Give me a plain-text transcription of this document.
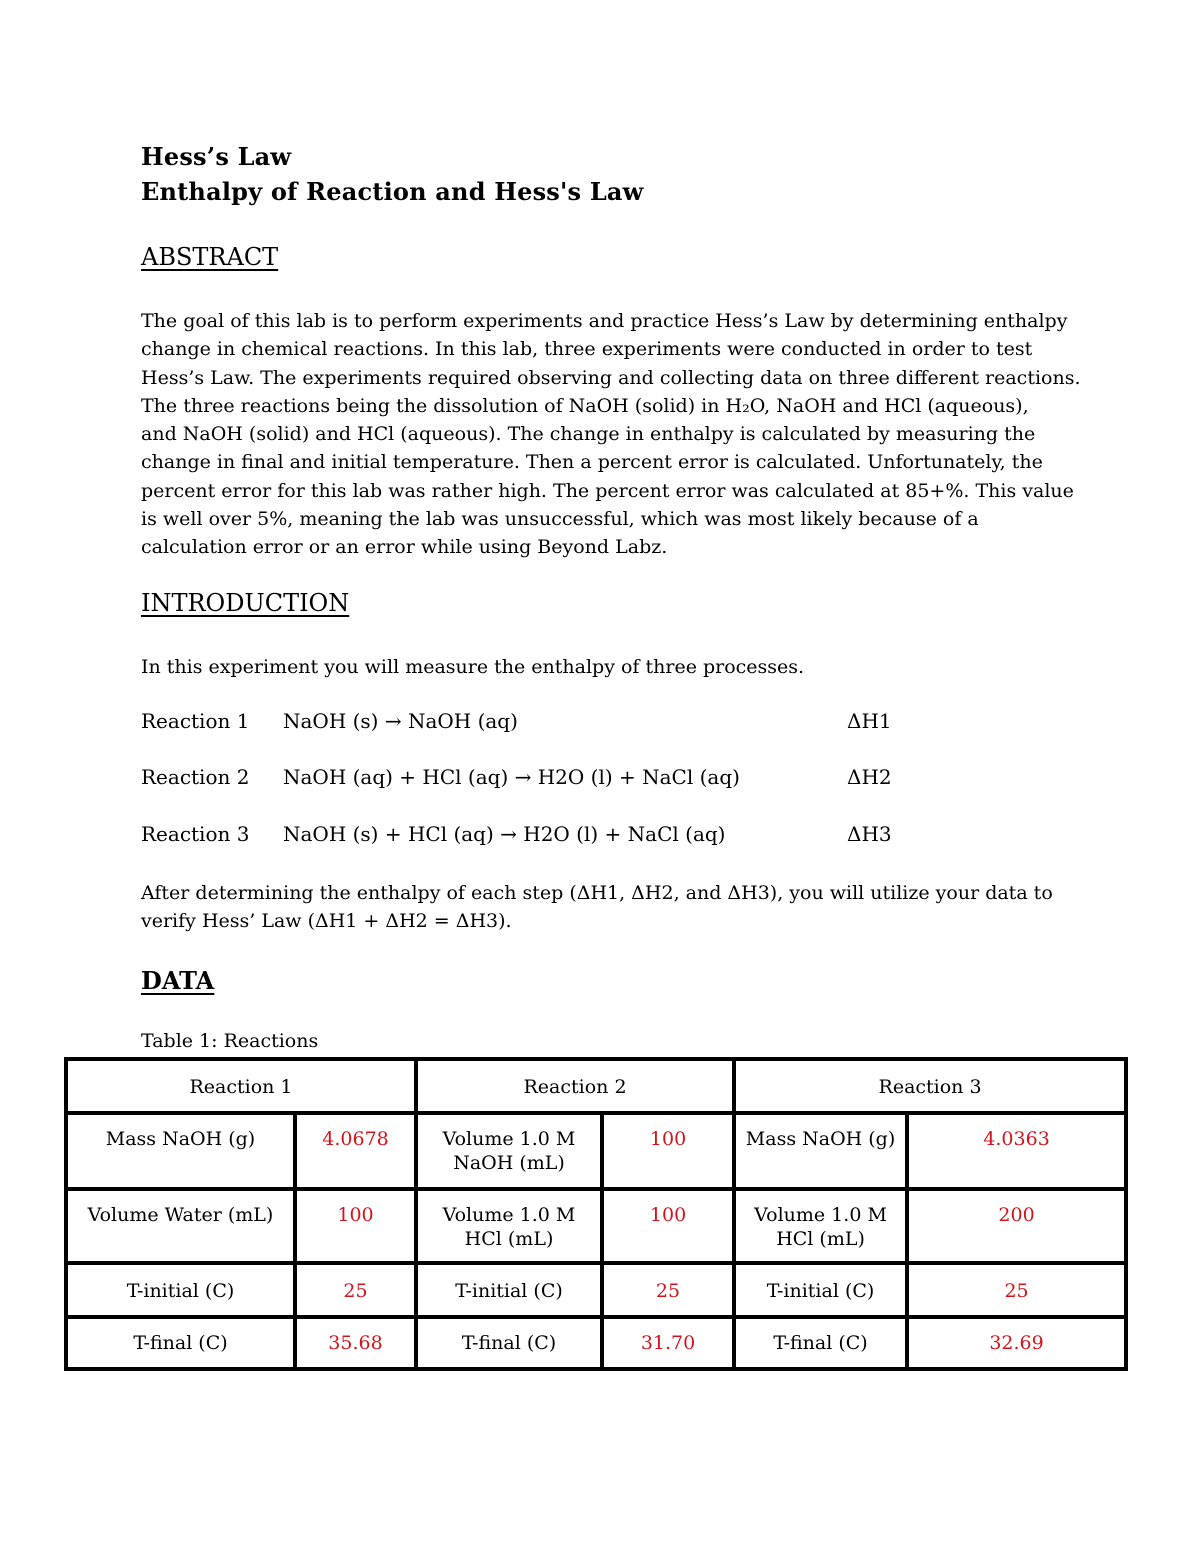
Hess’s Law
Enthalpy of Reaction and Hess's Law
ABSTRACT
The goal of this lab is to perform experiments and practice Hess’s Law by determining enthalpy
change in chemical reactions. In this lab, three experiments were conducted in order to test
Hess’s Law. The experiments required observing and collecting data on three different reactions.
The three reactions being the dissolution of NaOH (solid) in H₂O, NaOH and HCl (aqueous),
and NaOH (solid) and HCl (aqueous). The change in enthalpy is calculated by measuring the
change in final and initial temperature. Then a percent error is calculated. Unfortunately, the
percent error for this lab was rather high. The percent error was calculated at 85+%. This value
is well over 5%, meaning the lab was unsuccessful, which was most likely because of a
calculation error or an error while using Beyond Labz.
INTRODUCTION
In this experiment you will measure the enthalpy of three processes.
Reaction 1 NaOH (s) → NaOH (aq)	ΔH1
Reaction 2 NaOH (aq) + HCl (aq) → H2O (l) + NaCl (aq)	ΔH2
Reaction 3 NaOH (s) + HCl (aq) → H2O (l) + NaCl (aq)	ΔH3
After determining the enthalpy of each step (ΔH1, ΔH2, and ΔH3), you will utilize your data to
verify Hess’ Law (ΔH1 + ΔH2 = ΔH3).
DATA
Table 1: Reactions
Reaction 1		Reaction 2		Reaction 3	
Mass NaOH (g)	4.0678	Volume 1.0 M NaOH (mL)	100	Mass NaOH (g)	4.0363
Volume Water (mL)	100	Volume 1.0 M HCl (mL)	100	Volume 1.0 M HCl (mL)	200
T-initial (C)	25	T-initial (C)	25	T-initial (C)	25
T-final (C)	35.68	T-final (C)	31.70	T-final (C)	32.69
